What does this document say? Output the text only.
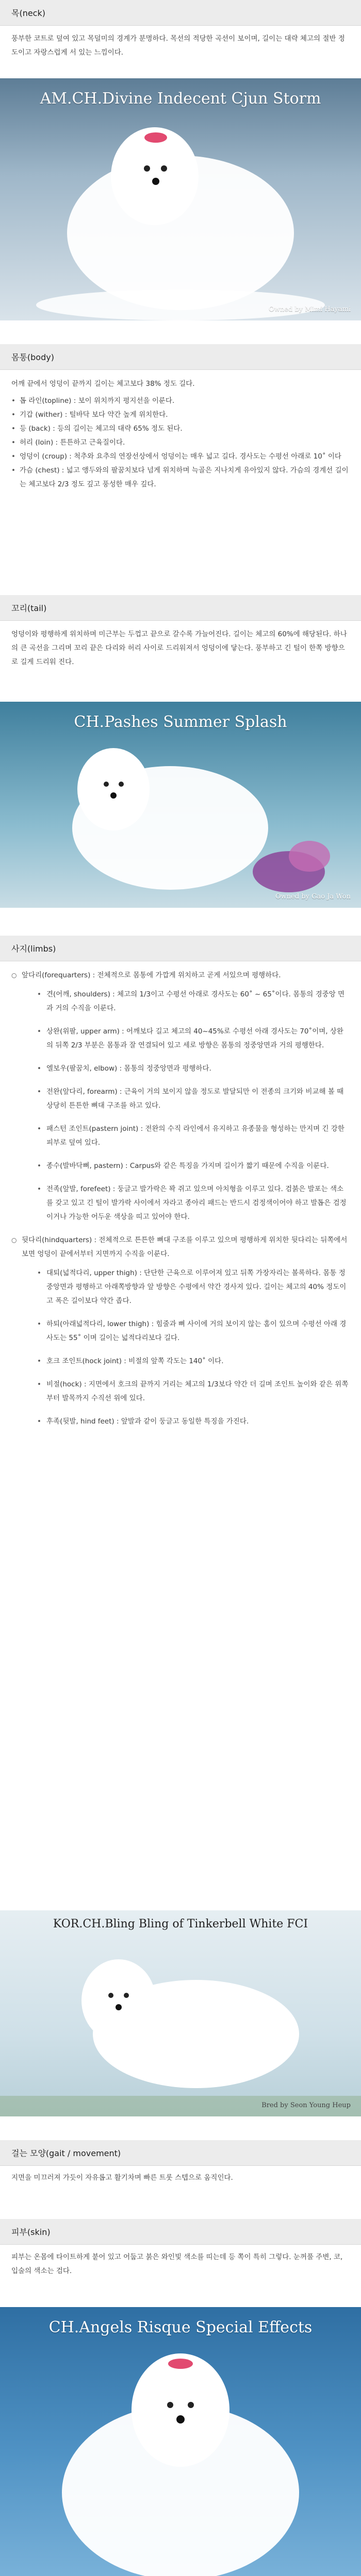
목(neck)

풍부한 코트로 덮여 있고 목덜미의 경계가 분명하다. 목선의 적당한 곡선이 보이며, 길이는 대략 체고의 절반 정도이고 자랑스럽게 서 있는 느낌이다.

AM.CH.Divine Indecent Cjun Storm
Owned by Mimi Hayami
몸통(body)

어깨 끝에서 엉덩이 끝까지 길이는 체고보다 38% 정도 길다.

• 톱 라인(topline) : 보이 위치까지 평지선을 이룬다.
• 기갑 (wither) : 털바닥 보다 약간 높게 위치한다.
• 등 (back) : 등의 길이는 체고의 대략 65% 정도 된다.
• 허리 (loin) : 튼튼하고 근육질이다.
• 엉덩이 (croup) : 척추와 요추의 연장선상에서 엉덩이는 매우 넓고 길다. 경사도는 수평선 아래로 10˚ 이다
• 가슴 (chest) : 넓고 앵두와의 팔꿈치보다 넘게 위치하며 늑골은 지나치게 유아있지 않다. 가슴의 경계선 길이는 체고보다 2/3 정도 깊고 풍성한 매우 깊다.
꼬리(tail)

엉덩이와 평행하게 위치하며 미근부는 두껍고 끝으로 갈수록 가늘어진다. 길이는 체고의 60%에 해당된다. 하나의 큰 곡선을 그리며 꼬리 끝은 다리와 허리 사이로 드리워져서 엉덩이에 닿는다. 풍부하고 긴 털이 한쪽 방향으로 길게 드리워 진다.

CH.Pashes Summer Splash
Owned by Gao Ja Won
사지(limbs)
○ 앞다리(forequarters) : 전체적으로 몸통에 가깝게 위치하고 곧게 서있으며 평행하다.
• 견(어깨, shoulders) : 체고의 1/3이고 수평선 아래로 경사도는 60˚ ~ 65˚이다. 몸통의 경중앙 면과 거의 수직을 이룬다.
• 상완(위팔, upper arm) : 어깨보다 길고 체고의 40~45%로 수평선 아래 경사도는 70˚이며, 상완의 뒤쪽 2/3 부분은 몸통과 잘 연결되어 있고 세로 방향은 몸통의 정중앙면과 거의 평행한다.
• 엘보우(팔꿈치, elbow) : 몸통의 정중앙면과 평행하다.
• 전완(앞다리, forearm) : 근육이 거의 보이지 않을 정도로 발달되만 이 전종의 크기와 비교해 볼 때 상당히 튼튼한 뼈대 구조를 하고 있다.
• 패스턴 조인트(pastern joint) : 전완의 수직 라인에서 유지하고 유종물을 형성하는 만지며 긴 강한 피부로 덮여 있다.
• 종수(발바닥뼈, pastern) : Carpus와 같은 특징을 가지며 길이가 짧기 때문에 수직을 이룬다.
• 전족(앞발, forefeet) : 둥글고 발가락은 꽉 쥐고 있으며 아치형을 이루고 있다. 검붉은 발포는 색소를 갖고 있고 긴 털이 발가락 사이에서 자라고 종아리 패드는 반드시 검정색이어야 하고 발톱은 검정이거나 가능한 어두운 색상을 띠고 있어야 한다.
○ 뒷다리(hindquarters) : 전체적으로 튼튼한 뼈대 구조를 이루고 있으며 평행하게 위치한 뒷다리는 뒤쪽에서 보면 엉덩이 끝에서부터 지면까지 수직을 이룬다.
• 대퇴(넓적다리, upper thigh) : 단단한 근육으로 이루어져 있고 뒤쪽 가장자리는 볼록하다. 몸통 정중앙면과 평행하고 아래쪽방향과 앞 방향은 수평에서 약간 경사져 있다. 길이는 체고의 40% 정도이고 폭은 길이보다 약간 좁다.
• 하퇴(아래넓적다리, lower thigh) : 힘줄과 뼈 사이에 거의 보이지 않는 홈이 있으며 수평선 아래 경사도는 55˚ 이며 길이는 넓적다리보다 길다.
• 호크 조인트(hock joint) : 비절의 앞쪽 각도는 140˚ 이다.
• 비절(hock) : 지면에서 호크의 끝까지 거리는 체고의 1/3보다 약간 더 길며 조인트 높이와 같은 위쪽부터 발목까지 수직선 위에 있다.
• 후족(뒷발, hind feet) : 앞발과 같이 둥글고 동일한 특징을 가진다.
KOR.CH.Bling Bling of Tinkerbell White FCI
Bred by Seon Young Heup
걸는 모양(gait / movement)

지면을 미끄러져 가듯이 자유롭고 활기차며 빠른 트롯 스텝으로 움직인다.

피부(skin)

피부는 온몸에 타이트하게 붙어 있고 어둡고 붉은 와인빛 색소를 띠는데 등 쪽이 특히 그렇다. 눈꺼풀 주변, 코, 입술의 색소는 검다.

CH.Angels Risque Special Effects
